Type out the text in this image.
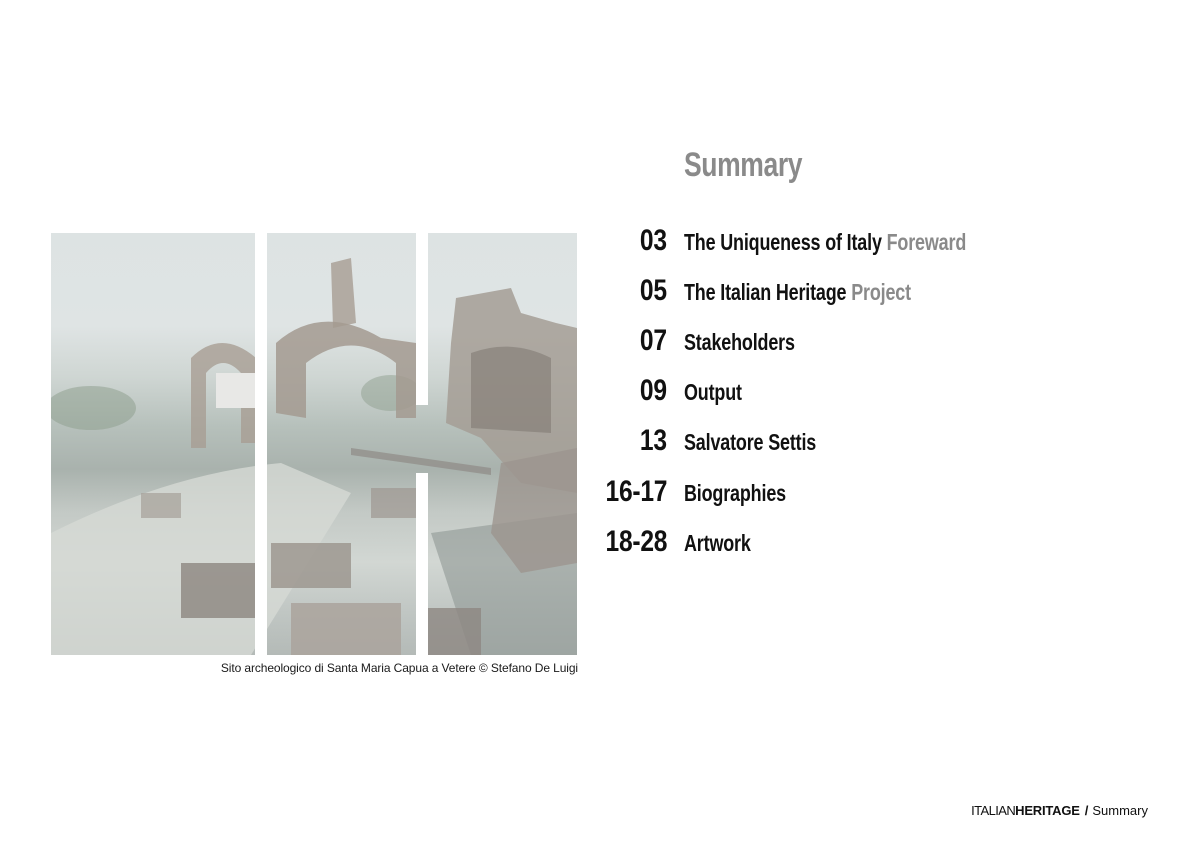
Sito archeologico di Santa Maria Capua a Vetere © Stefano De Luigi
Summary
03 The Uniqueness of Italy Foreward
05 The Italian Heritage Project
07 Stakeholders
09 Output
13 Salvatore Settis
16-17 Biographies
18-28 Artwork
ITALIANHERITAGE / Summary
